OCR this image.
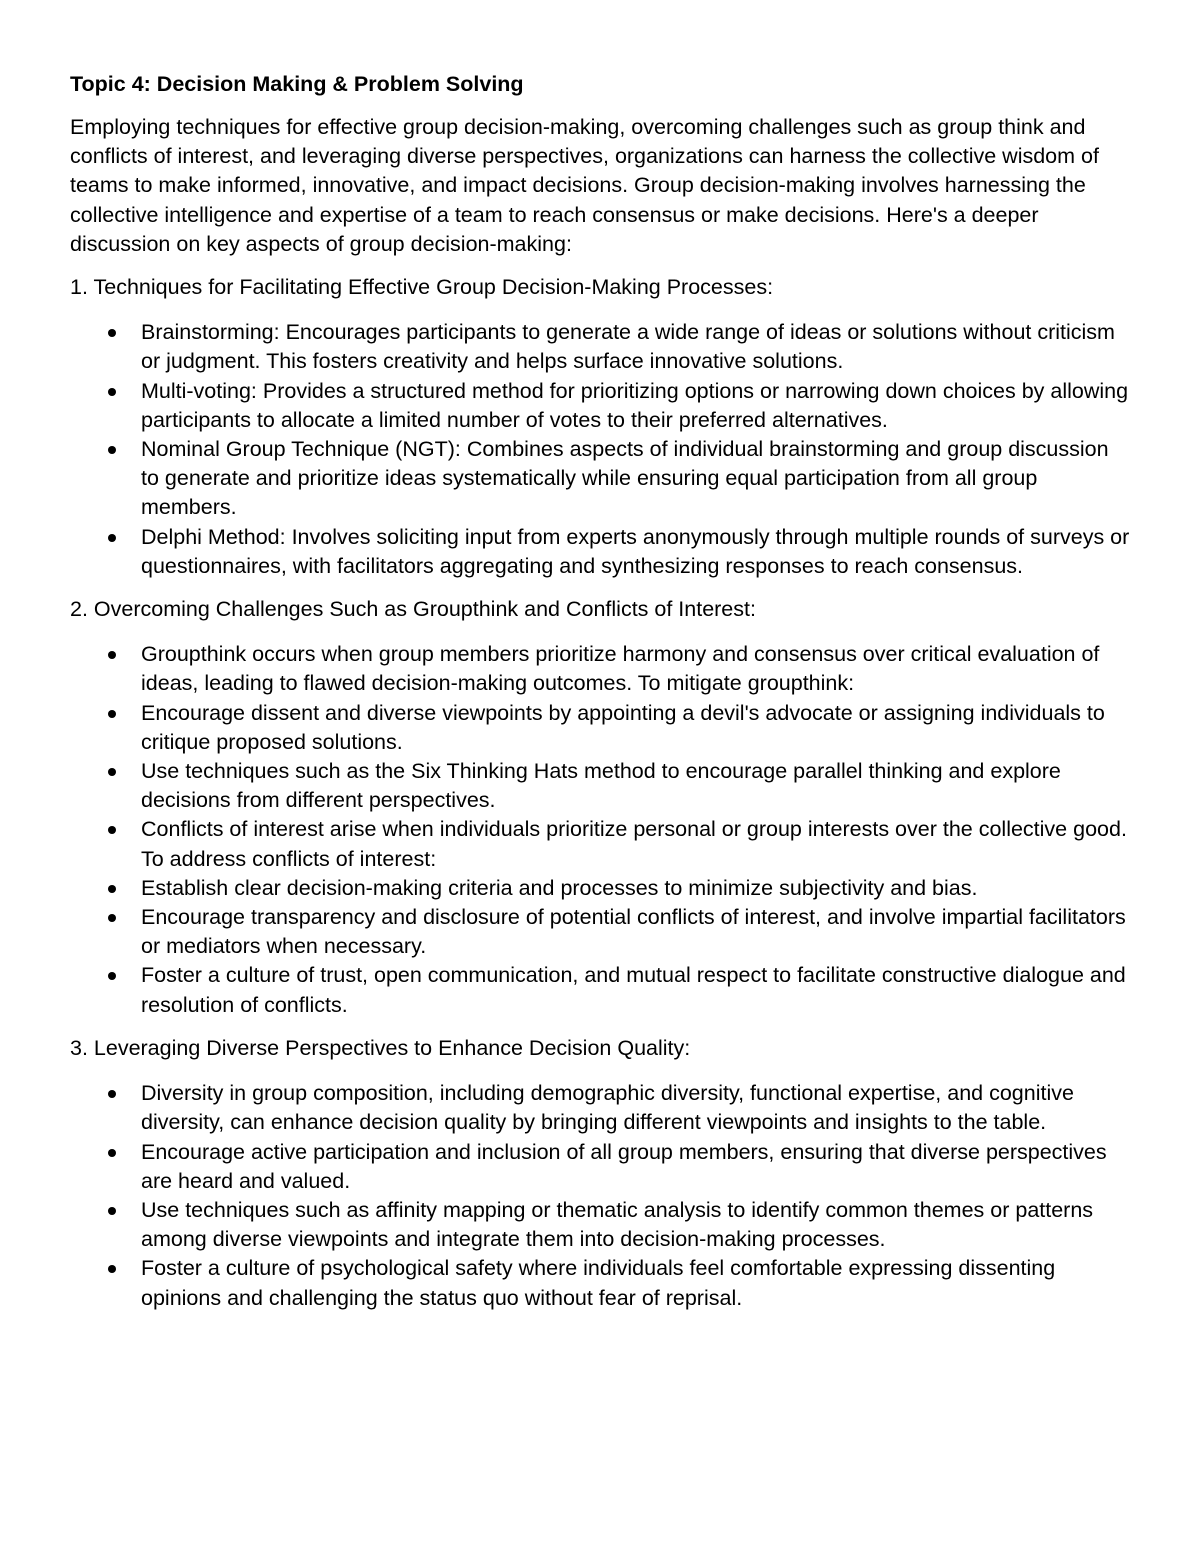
Topic 4: Decision Making & Problem Solving
Employing techniques for effective group decision-making, overcoming challenges such as group think and conflicts of interest, and leveraging diverse perspectives, organizations can harness the collective wisdom of teams to make informed, innovative, and impact decisions. Group decision-making involves harnessing the collective intelligence and expertise of a team to reach consensus or make decisions. Here's a deeper discussion on key aspects of group decision-making:
1. Techniques for Facilitating Effective Group Decision-Making Processes:
Brainstorming: Encourages participants to generate a wide range of ideas or solutions without criticism or judgment. This fosters creativity and helps surface innovative solutions.
Multi-voting: Provides a structured method for prioritizing options or narrowing down choices by allowing participants to allocate a limited number of votes to their preferred alternatives.
Nominal Group Technique (NGT): Combines aspects of individual brainstorming and group discussion to generate and prioritize ideas systematically while ensuring equal participation from all group members.
Delphi Method: Involves soliciting input from experts anonymously through multiple rounds of surveys or questionnaires, with facilitators aggregating and synthesizing responses to reach consensus.
2. Overcoming Challenges Such as Groupthink and Conflicts of Interest:
Groupthink occurs when group members prioritize harmony and consensus over critical evaluation of ideas, leading to flawed decision-making outcomes. To mitigate groupthink:
Encourage dissent and diverse viewpoints by appointing a devil's advocate or assigning individuals to critique proposed solutions.
Use techniques such as the Six Thinking Hats method to encourage parallel thinking and explore decisions from different perspectives.
Conflicts of interest arise when individuals prioritize personal or group interests over the collective good. To address conflicts of interest:
Establish clear decision-making criteria and processes to minimize subjectivity and bias.
Encourage transparency and disclosure of potential conflicts of interest, and involve impartial facilitators or mediators when necessary.
Foster a culture of trust, open communication, and mutual respect to facilitate constructive dialogue and resolution of conflicts.
3. Leveraging Diverse Perspectives to Enhance Decision Quality:
Diversity in group composition, including demographic diversity, functional expertise, and cognitive diversity, can enhance decision quality by bringing different viewpoints and insights to the table.
Encourage active participation and inclusion of all group members, ensuring that diverse perspectives are heard and valued.
Use techniques such as affinity mapping or thematic analysis to identify common themes or patterns among diverse viewpoints and integrate them into decision-making processes.
Foster a culture of psychological safety where individuals feel comfortable expressing dissenting opinions and challenging the status quo without fear of reprisal.
